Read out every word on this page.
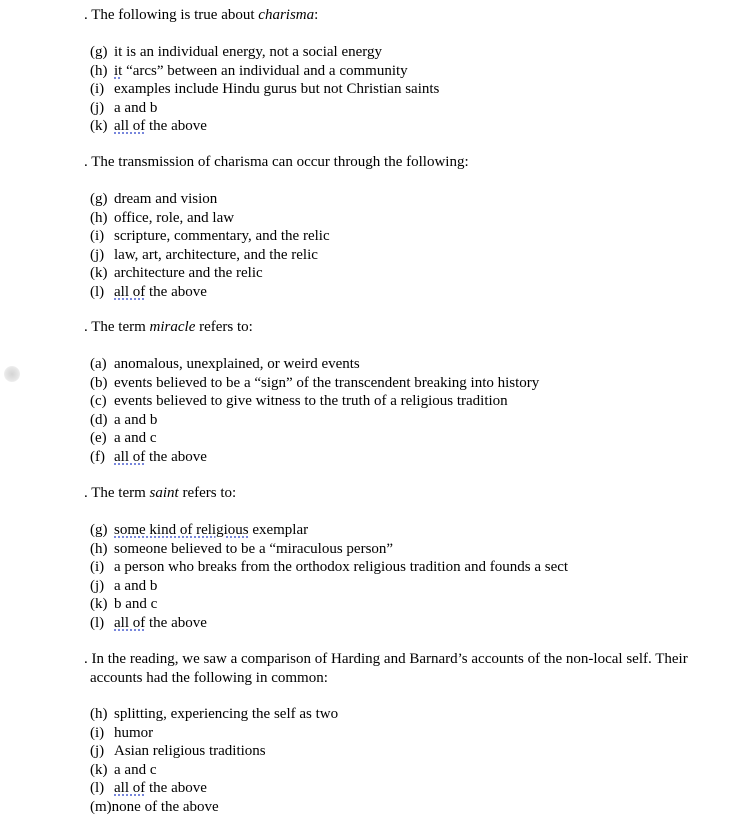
. The following is true about charisma:
(g) it is an individual energy, not a social energy
(h) it “arcs” between an individual and a community
(i) examples include Hindu gurus but not Christian saints
(j) a and b
(k) all of the above
. The transmission of charisma can occur through the following:
(g) dream and vision
(h) office, role, and law
(i) scripture, commentary, and the relic
(j) law, art, architecture, and the relic
(k) architecture and the relic
(l) all of the above
. The term miracle refers to:
(a) anomalous, unexplained, or weird events
(b) events believed to be a “sign” of the transcendent breaking into history
(c) events believed to give witness to the truth of a religious tradition
(d) a and b
(e) a and c
(f) all of the above
. The term saint refers to:
(g) some kind of religious exemplar
(h) someone believed to be a “miraculous person”
(i) a person who breaks from the orthodox religious tradition and founds a sect
(j) a and b
(k) b and c
(l) all of the above
. In the reading, we saw a comparison of Harding and Barnard’s accounts of the non-local self. Their
accounts had the following in common:
(h) splitting, experiencing the self as two
(i) humor
(j) Asian religious traditions
(k) a and c
(l) all of the above
(m)none of the above
